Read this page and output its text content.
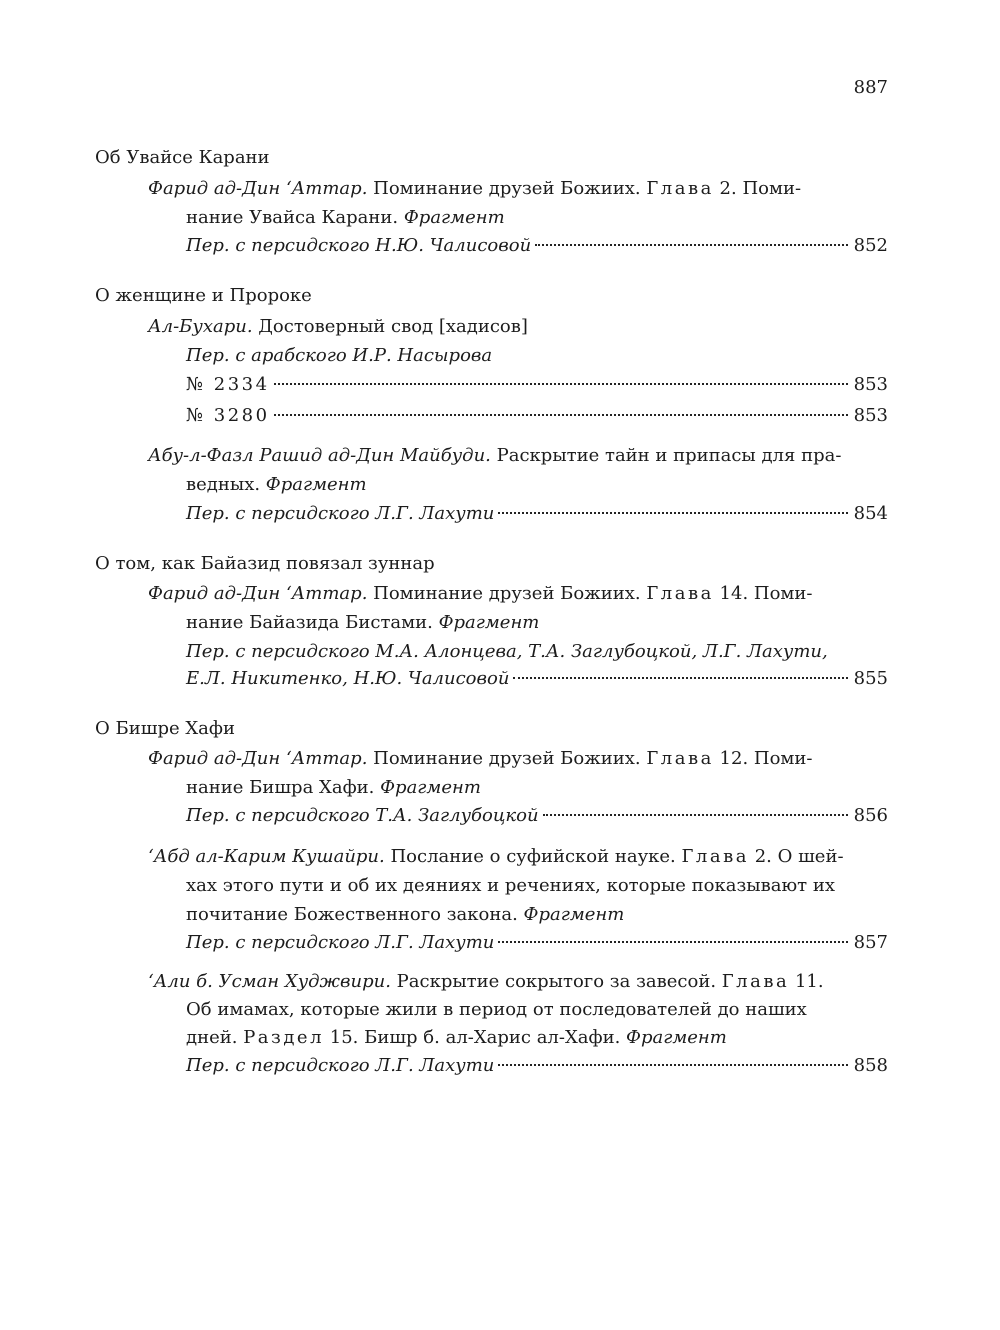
887
Об Увайсе Карани
Фарид ад-Дин ʻАттар. Поминание друзей Божиих. Глава 2. Поми-
нание Увайса Карани. Фрагмент
Пер. с персидского Н.Ю. Чалисовой	852
О женщине и Пророке
Ал-Бухари. Достоверный свод [хадисов]
Пер. с арабского И.Р. Насырова
№ 2334	853
№ 3280	853
Абу-л-Фазл Рашид ад-Дин Майбуди. Раскрытие тайн и припасы для пра-
ведных. Фрагмент
Пер. с персидского Л.Г. Лахути	854
О том, как Байазид повязал зуннар
Фарид ад-Дин ʻАттар. Поминание друзей Божиих. Глава 14. Поми-
нание Байазида Бистами. Фрагмент
Пер. с персидского М.А. Алонцева, Т.А. Заглубоцкой, Л.Г. Лахути,
Е.Л. Никитенко, Н.Ю. Чалисовой	855
О Бишре Хафи
Фарид ад-Дин ʻАттар. Поминание друзей Божиих. Глава 12. Поми-
нание Бишра Хафи. Фрагмент
Пер. с персидского Т.А. Заглубоцкой	856
ʻАбд ал-Карим Кушайри. Послание о суфийской науке. Глава 2. О шей-
хах этого пути и об их деяниях и речениях, которые показывают их
почитание Божественного закона. Фрагмент
Пер. с персидского Л.Г. Лахути	857
ʻАли б. Усман Худжвири. Раскрытие сокрытого за завесой. Глава 11.
Об имамах, которые жили в период от последователей до наших
дней. Раздел 15. Бишр б. ал-Харис ал-Хафи. Фрагмент
Пер. с персидского Л.Г. Лахути	858
